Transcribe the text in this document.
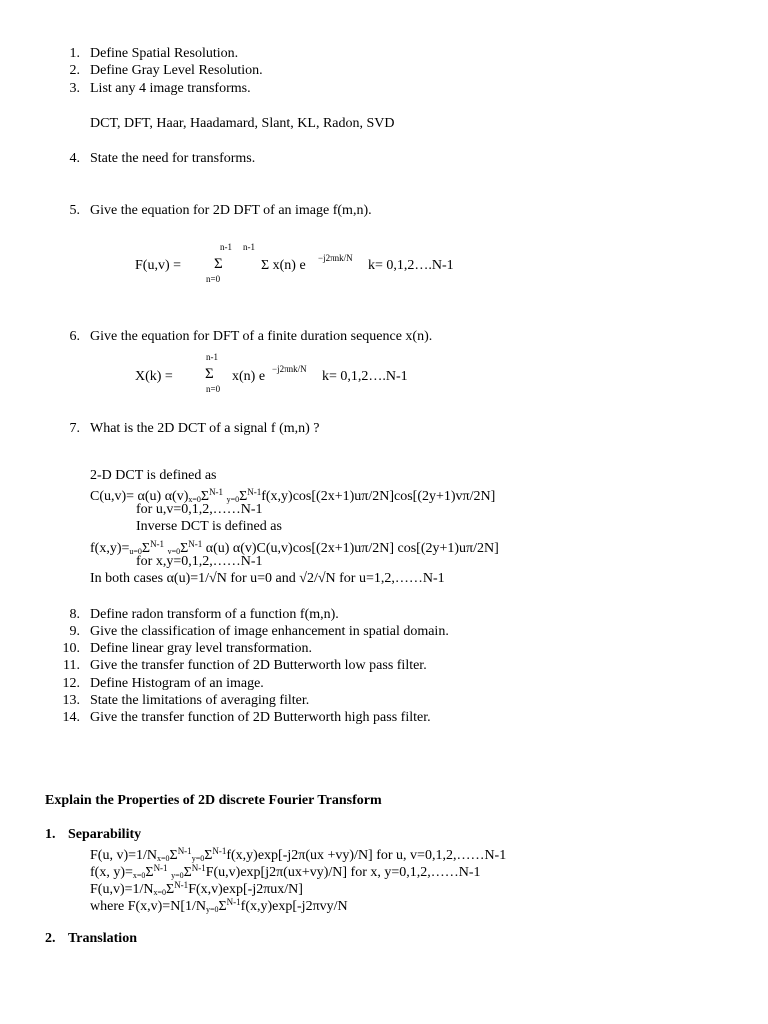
1. Define Spatial Resolution.
2. Define Gray Level Resolution.
3. List any 4 image transforms.
DCT, DFT, Haar, Haadamard, Slant, KL, Radon, SVD
4. State the need for transforms.
5. Give the equation for 2D DFT of an image f(m,n).
F(u,v) =
n-1 n-1
Σ
n=0
Σ x(n) e −j2πnk/N k= 0,1,2….N-1
6. Give the equation for DFT of a finite duration sequence x(n).
X(k) =
n-1
Σ
n=0
x(n) e −j2πnk/N k= 0,1,2….N-1
7. What is the 2D DCT of a signal f (m,n) ?
2-D DCT is defined as
C(u,v)= α(u) $\alpha(v)_{x=0}\Sigma^{N-1}$ $_{y=0}\Sigma^{N-1}f(x,y)\cos[(2x+1)u\pi/2N]\cos[(2y+1)v\pi/2N]$
for u,v=0,1,2,……N-1
Inverse DCT is defined as
$f(x,y)=_{u=0}\Sigma^{N-1}$ $_{v=0}\Sigma^{N-1}$ α(u) α(v)C(u,v)cos[(2x+1)uπ/2N] cos[(2y+1)uπ/2N]
for x,y=0,1,2,……N-1
In both cases α(u)=1/√N for u=0 and √2/√N for u=1,2,……N-1
8. Define radon transform of a function f(m,n).
9. Give the classification of image enhancement in spatial domain.
10. Define linear gray level transformation.
11. Give the transfer function of 2D Butterworth low pass filter.
12. Define Histogram of an image.
13. State the limitations of averaging filter.
14. Give the transfer function of 2D Butterworth high pass filter.
Explain the Properties of 2D discrete Fourier Transform
1. Separability
F(u, $v)=1/N_{x=0}\Sigma^{N-1}_{y=0}\Sigma^{N-1}f(x,y)\exp[-j2\pi(ux +vy)/N]$ for u, v=0,1,2,……N-1
f(x, $y)=_{x=0}\Sigma^{N-1}$ $_{y=0}\Sigma^{N-1}F(u,v)\exp[j2\pi(ux+vy)/N]$ for x, y=0,1,2,……N-1
$F(u,v)=1/N_{x=0}\Sigma^{N-1}F(x,v)\exp[-j2\pi ux/N]$
where $F(x,v)=N[1/N_{y=0}\Sigma^{N-1}f(x,y)\exp[-j2\pi vy/N$
2. Translation
